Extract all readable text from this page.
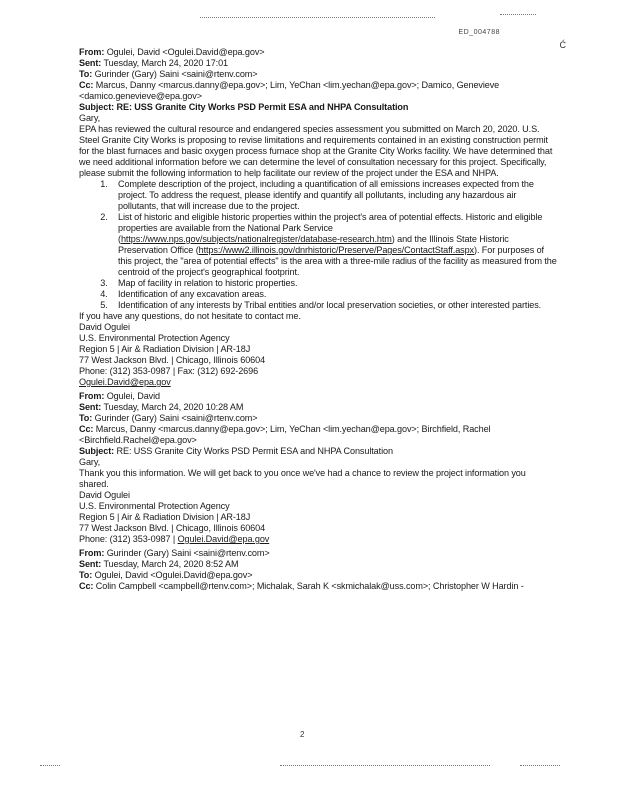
ED_004788
Ć

From: Ogulei, David <Ogulei.David@epa.gov>

Sent: Tuesday, March 24, 2020 17:01

To: Gurinder (Gary) Saini <saini@rtenv.com>

Cc: Marcus, Danny <marcus.danny@epa.gov>; Lim, YeChan <lim.yechan@epa.gov>; Damico, Genevieve <damico.genevieve@epa.gov>

Subject: RE: USS Granite City Works PSD Permit ESA and NHPA Consultation

Gary,

EPA has reviewed the cultural resource and endangered species assessment you submitted on March 20, 2020. U.S. Steel Granite City Works is proposing to revise limitations and requirements contained in an existing construction permit for the blast furnaces and basic oxygen process furnace shop at the Granite City Works facility. We have determined that we need additional information before we can determine the level of consultation necessary for this project. Specifically, please submit the following information to help facilitate our review of the project under the ESA and NHPA.

1. Complete description of the project, including a quantification of all emissions increases expected from the project. To address the request, please identify and quantify all pollutants, including any hazardous air pollutants, that will increase due to the project.
2. List of historic and eligible historic properties within the project's area of potential effects. Historic and eligible properties are available from the National Park Service (https://www.nps.gov/subjects/nationalregister/database-research.htm) and the Illinois State Historic Preservation Office (https://www2.illinois.gov/dnrhistoric/Preserve/Pages/ContactStaff.aspx). For purposes of this project, the "area of potential effects" is the area with a three-mile radius of the facility as measured from the centroid of the project's geographical footprint.
3. Map of facility in relation to historic properties.
4. Identification of any excavation areas.
5. Identification of any interests by Tribal entities and/or local preservation societies, or other interested parties.

If you have any questions, do not hesitate to contact me.

David Ogulei

U.S. Environmental Protection Agency

Region 5 | Air & Radiation Division | AR-18J

77 West Jackson Blvd. | Chicago, Illinois 60604

Phone: (312) 353-0987 | Fax: (312) 692-2696

Ogulei.David@epa.gov

From: Ogulei, David

Sent: Tuesday, March 24, 2020 10:28 AM

To: Gurinder (Gary) Saini <saini@rtenv.com>

Cc: Marcus, Danny <marcus.danny@epa.gov>; Lim, YeChan <lim.yechan@epa.gov>; Birchfield, Rachel <Birchfield.Rachel@epa.gov>

Subject: RE: USS Granite City Works PSD Permit ESA and NHPA Consultation

Gary,

Thank you this information. We will get back to you once we've had a chance to review the project information you shared.

David Ogulei

U.S. Environmental Protection Agency

Region 5 | Air & Radiation Division | AR-18J

77 West Jackson Blvd. | Chicago, Illinois 60604

Phone: (312) 353-0987 | Ogulei.David@epa.gov

From: Gurinder (Gary) Saini <saini@rtenv.com>

Sent: Tuesday, March 24, 2020 8:52 AM

To: Ogulei, David <Ogulei.David@epa.gov>

Cc: Colin Campbell <campbell@rtenv.com>; Michalak, Sarah K <skmichalak@uss.com>; Christopher W Hardin -

2
